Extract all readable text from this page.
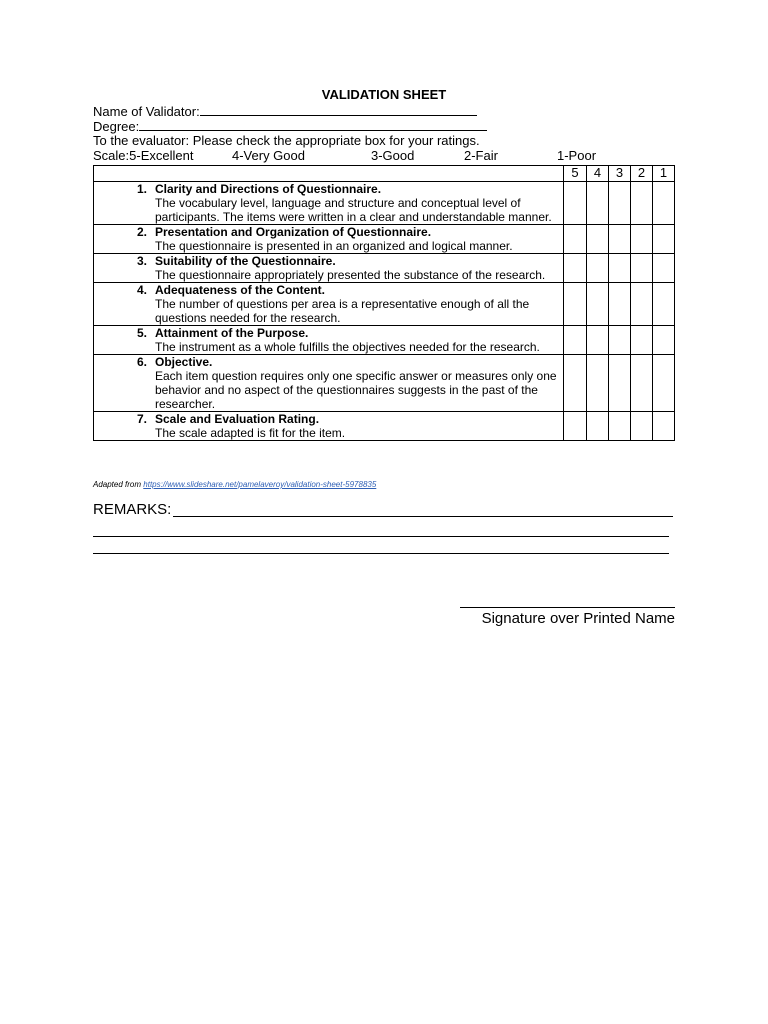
VALIDATION SHEET
Name of Validator:
Degree:
To the evaluator: Please check the appropriate box for your ratings.
Scale:5-Excellent	4-Very Good	3-Good	2-Fair	1-Poor
	5	4	3	2	1

1. Clarity and Directions of Questionnaire.
The vocabulary level, language and structure and conceptual level of participants. The items were written in a clear and understandable manner.					

2. Presentation and Organization of Questionnaire.
The questionnaire is presented in an organized and logical manner.					

3. Suitability of the Questionnaire.
The questionnaire appropriately presented the substance of the research.					

4. Adequateness of the Content.
The number of questions per area is a representative enough of all the questions needed for the research.					

5. Attainment of the Purpose.
The instrument as a whole fulfills the objectives needed for the research.					

6. Objective.
Each item question requires only one specific answer or measures only one behavior and no aspect of the questionnaires suggests in the past of the researcher.					

7. Scale and Evaluation Rating.
The scale adapted is fit for the item.					

Adapted from https://www.slideshare.net/pamelaveroy/validation-sheet-5978835
REMARKS:
Signature over Printed Name
